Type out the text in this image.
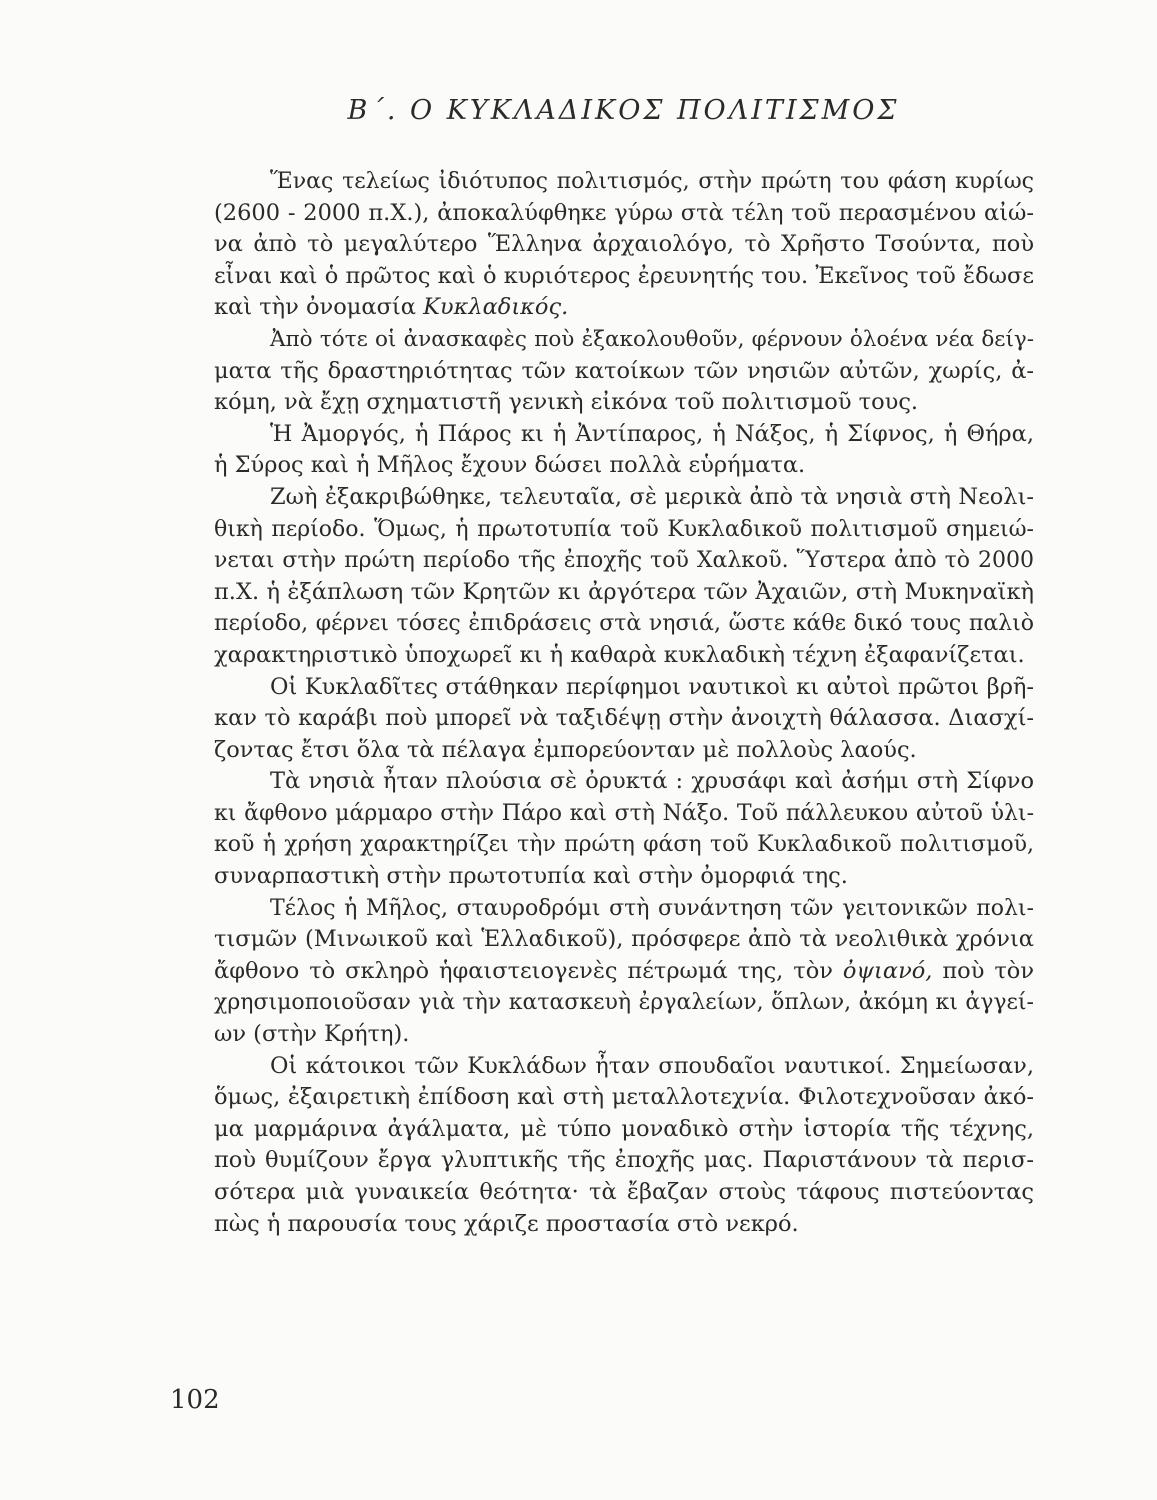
Β΄. Ο ΚΥΚΛΑΔΙΚΟΣ ΠΟΛΙΤΙΣΜΟΣ

Ἕνας τελείως ἰδιότυπος πολιτισμός, στὴν πρώτη του φάση κυρίως
(2600 - 2000 π.Χ.), ἀποκαλύφθηκε γύρω στὰ τέλη τοῦ περασμένου αἰώ-
να ἀπὸ τὸ μεγαλύτερο Ἕλληνα ἀρχαιολόγο, τὸ Χρῆστο Τσούντα, ποὺ
εἶναι καὶ ὁ πρῶτος καὶ ὁ κυριότερος ἐρευνητής του. Ἐκεῖνος τοῦ ἔδωσε
καὶ τὴν ὀνομασία Κυκλαδικός.

Ἀπὸ τότε οἱ ἀνασκαφὲς ποὺ ἐξακολουθοῦν, φέρνουν ὁλοένα νέα δείγ-
ματα τῆς δραστηριότητας τῶν κατοίκων τῶν νησιῶν αὐτῶν, χωρίς, ἀ-
κόμη, νὰ ἔχῃ σχηματιστῆ γενικὴ εἰκόνα τοῦ πολιτισμοῦ τους.

Ἡ Ἀμοργός, ἡ Πάρος κι ἡ Ἀντίπαρος, ἡ Νάξος, ἡ Σίφνος, ἡ Θήρα,
ἡ Σύρος καὶ ἡ Μῆλος ἔχουν δώσει πολλὰ εὑρήματα.

Ζωὴ ἐξακριβώθηκε, τελευταῖα, σὲ μερικὰ ἀπὸ τὰ νησιὰ στὴ Νεολι-
θικὴ περίοδο. Ὅμως, ἡ πρωτοτυπία τοῦ Κυκλαδικοῦ πολιτισμοῦ σημειώ-
νεται στὴν πρώτη περίοδο τῆς ἐποχῆς τοῦ Χαλκοῦ. Ὕστερα ἀπὸ τὸ 2000
π.Χ. ἡ ἐξάπλωση τῶν Κρητῶν κι ἀργότερα τῶν Ἀχαιῶν, στὴ Μυκηναϊκὴ
περίοδο, φέρνει τόσες ἐπιδράσεις στὰ νησιά, ὥστε κάθε δικό τους παλιὸ
χαρακτηριστικὸ ὑποχωρεῖ κι ἡ καθαρὰ κυκλαδικὴ τέχνη ἐξαφανίζεται.

Οἱ Κυκλαδῖτες στάθηκαν περίφημοι ναυτικοὶ κι αὐτοὶ πρῶτοι βρῆ-
καν τὸ καράβι ποὺ μπορεῖ νὰ ταξιδέψῃ στὴν ἀνοιχτὴ θάλασσα. Διασχί-
ζοντας ἔτσι ὅλα τὰ πέλαγα ἐμπορεύονταν μὲ πολλοὺς λαούς.

Τὰ νησιὰ ἦταν πλούσια σὲ ὀρυκτά : χρυσάφι καὶ ἀσήμι στὴ Σίφνο
κι ἄφθονο μάρμαρο στὴν Πάρο καὶ στὴ Νάξο. Τοῦ πάλλευκου αὐτοῦ ὑλι-
κοῦ ἡ χρήση χαρακτηρίζει τὴν πρώτη φάση τοῦ Κυκλαδικοῦ πολιτισμοῦ,
συναρπαστικὴ στὴν πρωτοτυπία καὶ στὴν ὀμορφιά της.

Τέλος ἡ Μῆλος, σταυροδρόμι στὴ συνάντηση τῶν γειτονικῶν πολι-
τισμῶν (Μινωικοῦ καὶ Ἑλλαδικοῦ), πρόσφερε ἀπὸ τὰ νεολιθικὰ χρόνια
ἄφθονο τὸ σκληρὸ ἡφαιστειογενὲς πέτρωμά της, τὸν ὀψιανό, ποὺ τὸν
χρησιμοποιοῦσαν γιὰ τὴν κατασκευὴ ἐργαλείων, ὅπλων, ἀκόμη κι ἀγγεί-
ων (στὴν Κρήτη).

Οἱ κάτοικοι τῶν Κυκλάδων ἦταν σπουδαῖοι ναυτικοί. Σημείωσαν,
ὅμως, ἐξαιρετικὴ ἐπίδοση καὶ στὴ μεταλλοτεχνία. Φιλοτεχνοῦσαν ἀκό-
μα μαρμάρινα ἀγάλματα, μὲ τύπο μοναδικὸ στὴν ἱστορία τῆς τέχνης,
ποὺ θυμίζουν ἔργα γλυπτικῆς τῆς ἐποχῆς μας. Παριστάνουν τὰ περισ-
σότερα μιὰ γυναικεία θεότητα· τὰ ἔβαζαν στοὺς τάφους πιστεύοντας
πὼς ἡ παρουσία τους χάριζε προστασία στὸ νεκρό.

102
